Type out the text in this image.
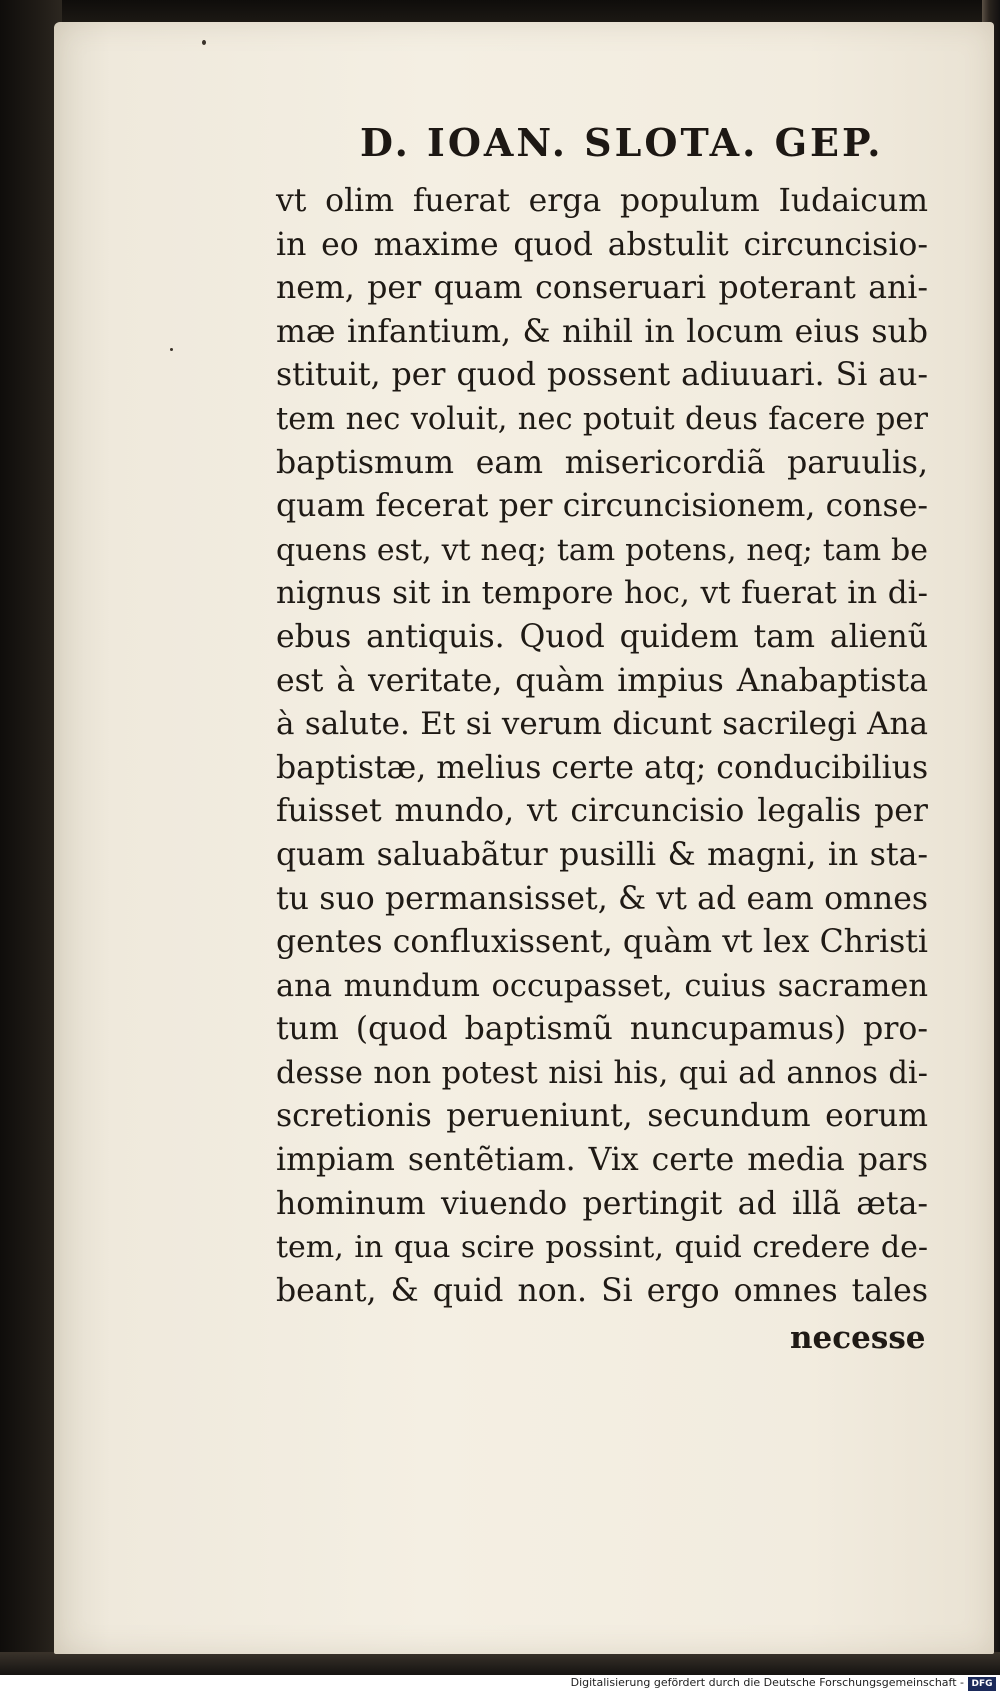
D. IOAN. SLOTA. GEP.
vt olim fuerat erga populum Iudaicum
in eo maxime quod abstulit circuncisio-
nem, per quam conseruari poterant ani-
mæ infantium, & nihil in locum eius sub
stituit, per quod possent adiuuari. Si au-
tem nec voluit, nec potuit deus facere per
baptismum eam misericordiã paruulis,
quam fecerat per circuncisionem, conse-
quens est, vt neq; tam potens, neq; tam be
nignus sit in tempore hoc, vt fuerat in di-
ebus antiquis. Quod quidem tam alienũ
est à veritate, quàm impius Anabaptista
à salute. Et si verum dicunt sacrilegi Ana
baptistæ, melius certe atq; conducibilius
fuisset mundo, vt circuncisio legalis per
quam saluabãtur pusilli & magni, in sta-
tu suo permansisset, & vt ad eam omnes
gentes confluxissent, quàm vt lex Christi
ana mundum occupasset, cuius sacramen
tum (quod baptismũ nuncupamus) pro-
desse non potest nisi his, qui ad annos di-
scretionis perueniunt, secundum eorum
impiam sentẽtiam. Vix certe media pars
hominum viuendo pertingit ad illã æta-
tem, in qua scire possint, quid credere de-
beant, & quid non. Si ergo omnes tales
necesse
Digitalisierung gefördert durch die Deutsche Forschungsgemeinschaft - DFG
